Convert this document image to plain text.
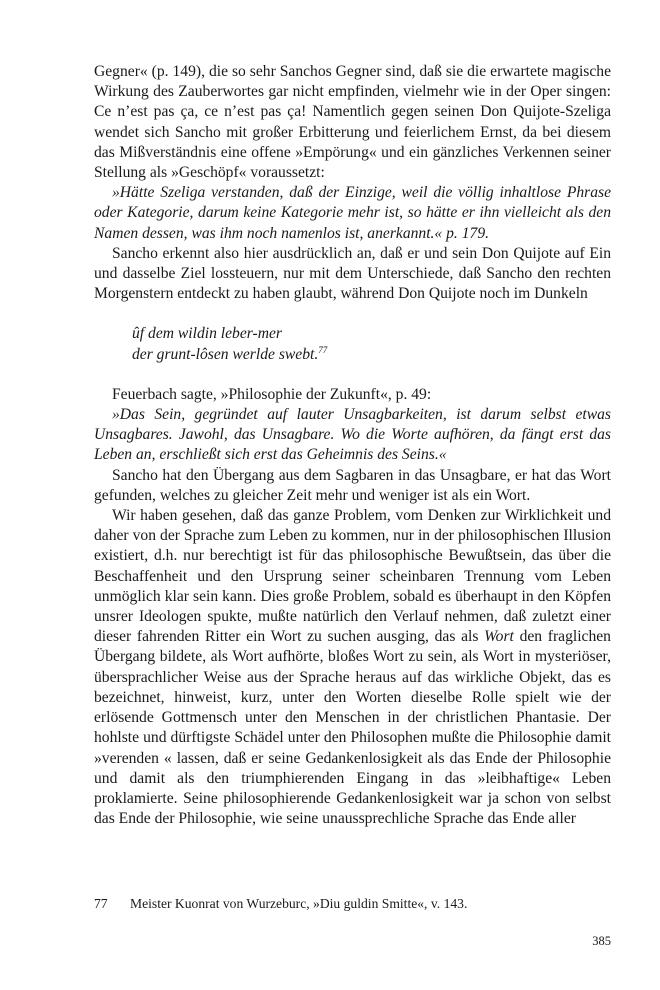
Gegner« (p. 149), die so sehr Sanchos Gegner sind, daß sie die erwartete magische Wirkung des Zauberwortes gar nicht empfinden, vielmehr wie in der Oper singen: Ce n’est pas ça, ce n’est pas ça! Namentlich gegen seinen Don Quijote-Szeliga wendet sich Sancho mit großer Erbitterung und feierlichem Ernst, da bei diesem das Mißverständnis eine offene »Empörung« und ein gänzliches Verkennen seiner Stellung als »Geschöpf« voraussetzt:

»Hätte Szeliga verstanden, daß der Einzige, weil die völlig inhaltlose Phrase oder Kategorie, darum keine Kategorie mehr ist, so hätte er ihn vielleicht als den Namen dessen, was ihm noch namenlos ist, anerkannt.« p. 179.

Sancho erkennt also hier ausdrücklich an, daß er und sein Don Quijote auf Ein und dasselbe Ziel lossteuern, nur mit dem Unterschiede, daß Sancho den rechten Morgenstern entdeckt zu haben glaubt, während Don Quijote noch im Dunkeln

ûf dem wildin leber-mer
der grunt-lôsen werlde swebt.$^{77}$

Feuerbach sagte, »Philosophie der Zukunft«, p. 49:

»Das Sein, gegründet auf lauter Unsagbarkeiten, ist darum selbst etwas Unsagbares. Jawohl, das Unsagbare. Wo die Worte aufhören, da fängt erst das Leben an, erschließt sich erst das Geheimnis des Seins.«

Sancho hat den Übergang aus dem Sagbaren in das Unsagbare, er hat das Wort gefunden, welches zu gleicher Zeit mehr und weniger ist als ein Wort.

Wir haben gesehen, daß das ganze Problem, vom Denken zur Wirklichkeit und daher von der Sprache zum Leben zu kommen, nur in der philosophischen Illusion existiert, d.h. nur berechtigt ist für das philosophische Bewußtsein, das über die Beschaffenheit und den Ursprung seiner scheinbaren Trennung vom Leben unmöglich klar sein kann. Dies große Problem, sobald es überhaupt in den Köpfen unsrer Ideologen spukte, mußte natürlich den Verlauf nehmen, daß zuletzt einer dieser fahrenden Ritter ein Wort zu suchen ausging, das als Wort den fraglichen Übergang bildete, als Wort aufhörte, bloßes Wort zu sein, als Wort in mysteriöser, übersprachlicher Weise aus der Sprache heraus auf das wirkliche Objekt, das es bezeichnet, hinweist, kurz, unter den Worten dieselbe Rolle spielt wie der erlösende Gottmensch unter den Menschen in der christlichen Phantasie. Der hohlste und dürftigste Schädel unter den Philosophen mußte die Philosophie damit »verenden « lassen, daß er seine Gedankenlosigkeit als das Ende der Philosophie und damit als den triumphierenden Eingang in das »leibhaftige« Leben proklamierte. Seine philosophierende Gedankenlosigkeit war ja schon von selbst das Ende der Philosophie, wie seine unaussprechliche Sprache das Ende aller

77 Meister Kuonrat von Wurzeburc, »Diu guldin Smitte«, v. 143.
385
